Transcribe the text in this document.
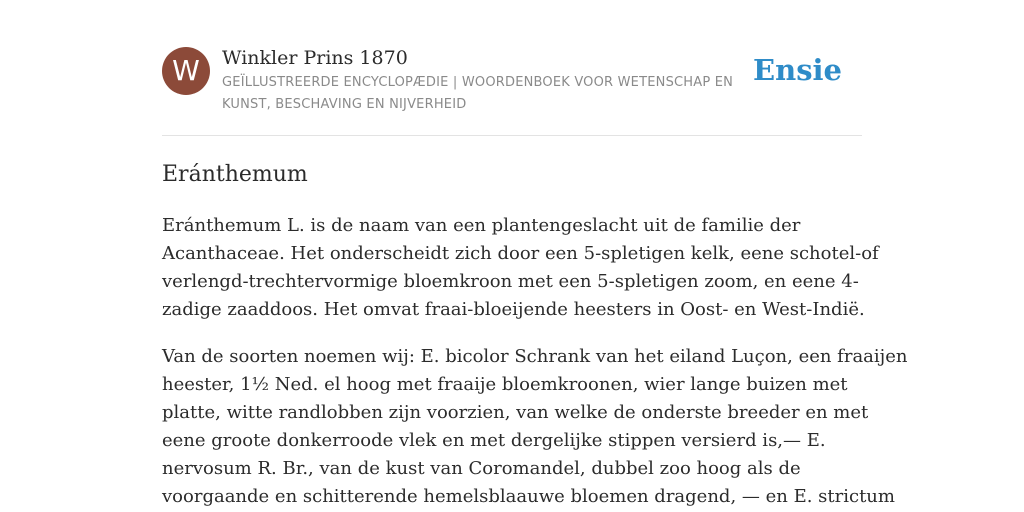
W	Winkler Prins 1870
GEÏLLUSTREERDE ENCYCLOPÆDIE | WOORDENBOEK VOOR WETENSCHAP EN KUNST, BESCHAVING EN NIJVERHEID
Ensie
Eránthemum

Eránthemum L. is de naam van een plantengeslacht uit de familie der
Acanthaceae. Het onderscheidt zich door een 5-spletigen kelk, eene schotel-of
verlengd-trechtervormige bloemkroon met een 5-spletigen zoom, en eene 4-
zadige zaaddoos. Het omvat fraai-bloeijende heesters in Oost- en West-Indië.

Van de soorten noemen wij: E. bicolor Schrank van het eiland Luçon, een fraaijen
heester, 1½ Ned. el hoog met fraaije bloemkroonen, wier lange buizen met
platte, witte randlobben zijn voorzien, van welke de onderste breeder en met
eene groote donkerroode vlek en met dergelijke stippen versierd is,— E.
nervosum R. Br., van de kust van Coromandel, dubbel zoo hoog als de
voorgaande en schitterende hemelsblaauwe bloemen dragend, — en E. strictum
